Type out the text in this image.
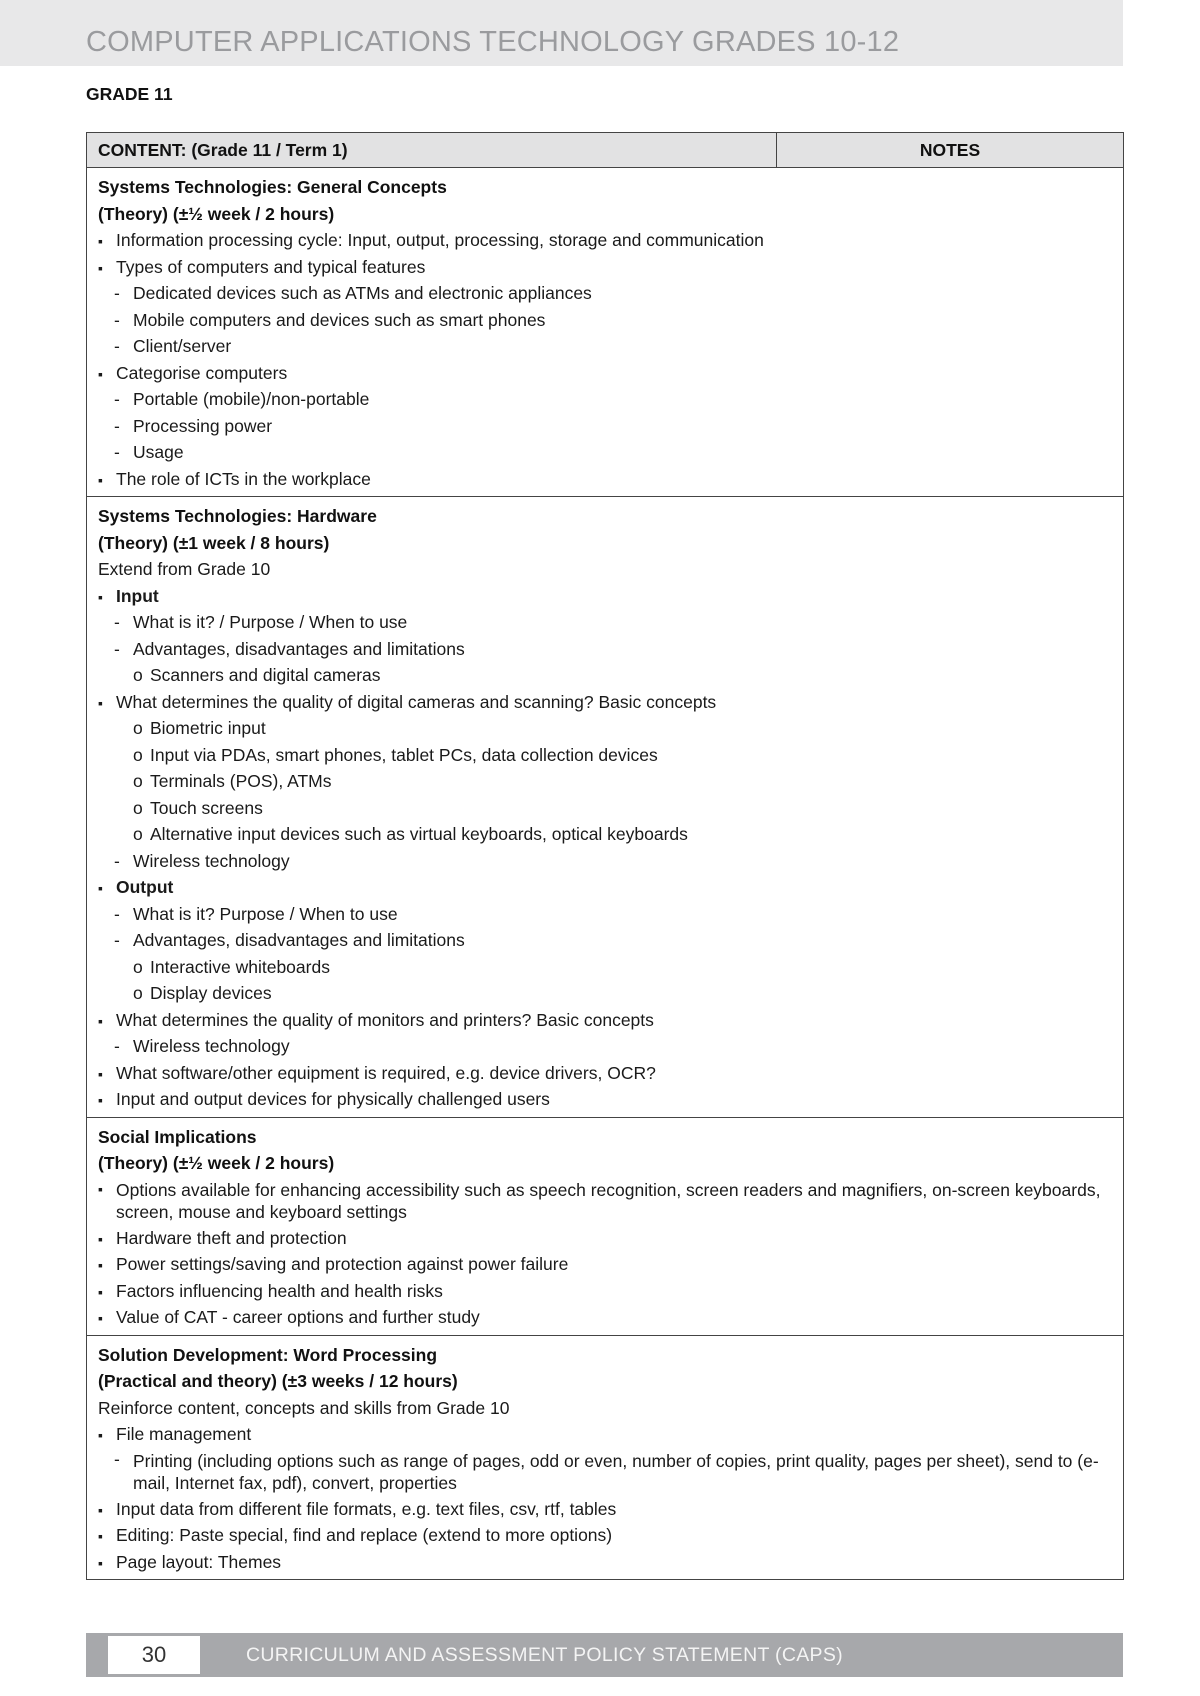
COMPUTER APPLICATIONS TECHNOLOGY GRADES 10-12
GRADE 11
CONTENT: (Grade 11 / Term 1)	NOTES

Systems Technologies: General Concepts
(Theory) (±½ week / 2 hours)
▪ Information processing cycle: Input, output, processing, storage and communication
▪ Types of computers and typical features
- Dedicated devices such as ATMs and electronic appliances
- Mobile computers and devices such as smart phones
- Client/server
▪ Categorise computers
- Portable (mobile)/non-portable
- Processing power
- Usage
▪ The role of ICTs in the workplace

Systems Technologies: Hardware
(Theory) (±1 week / 8 hours)
Extend from Grade 10
▪ Input
- What is it? / Purpose / When to use
- Advantages, disadvantages and limitations
o Scanners and digital cameras
▪ What determines the quality of digital cameras and scanning? Basic concepts
o Biometric input
o Input via PDAs, smart phones, tablet PCs, data collection devices
o Terminals (POS), ATMs
o Touch screens
o Alternative input devices such as virtual keyboards, optical keyboards
- Wireless technology
▪ Output
- What is it? Purpose / When to use
- Advantages, disadvantages and limitations
o Interactive whiteboards
o Display devices
▪ What determines the quality of monitors and printers? Basic concepts
- Wireless technology
▪ What software/other equipment is required, e.g. device drivers, OCR?
▪ Input and output devices for physically challenged users

Social Implications
(Theory) (±½ week / 2 hours)
▪ Options available for enhancing accessibility such as speech recognition, screen readers and magnifiers, on-screen keyboards, screen, mouse and keyboard settings
▪ Hardware theft and protection
▪ Power settings/saving and protection against power failure
▪ Factors influencing health and health risks
▪ Value of CAT - career options and further study

Solution Development: Word Processing
(Practical and theory) (±3 weeks / 12 hours)
Reinforce content, concepts and skills from Grade 10
▪ File management
- Printing (including options such as range of pages, odd or even, number of copies, print quality, pages per sheet), send to (e-mail, Internet fax, pdf), convert, properties
▪ Input data from different file formats, e.g. text files, csv, rtf, tables
▪ Editing: Paste special, find and replace (extend to more options)
▪ Page layout: Themes
30	CURRICULUM AND ASSESSMENT POLICY STATEMENT (CAPS)
